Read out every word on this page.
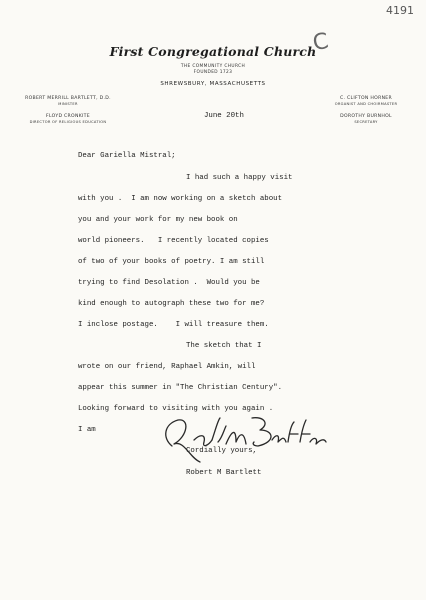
4191
C
First Congregational Church
THE COMMUNITY CHURCH
FOUNDED 1723
SHREWSBURY, MASSACHUSETTS
ROBERT MERRILL BARTLETT, D.D.
MINISTER
FLOYD CRONKITE
DIRECTOR OF RELIGIOUS EDUCATION
C. CLIFTON HORNER
ORGANIST AND CHOIRMASTER
DOROTHY BURNHOL
SECRETARY
June 20th
Dear Gariella Mistral;
I had such a happy visit
with you .  I am now working on a sketch about
you and your work for my new book on
world pioneers.   I recently located copies
of two of your books of poetry. I am still
trying to find Desolation .  Would you be
kind enough to autograph these two for me?
I inclose postage.    I will treasure them.
The sketch that I
wrote on our friend, Raphael Amkin, will
appear this summer in "The Christian Century".
Looking forward to visiting with you again .
I am
Cordially yours,
Robert M Bartlett
